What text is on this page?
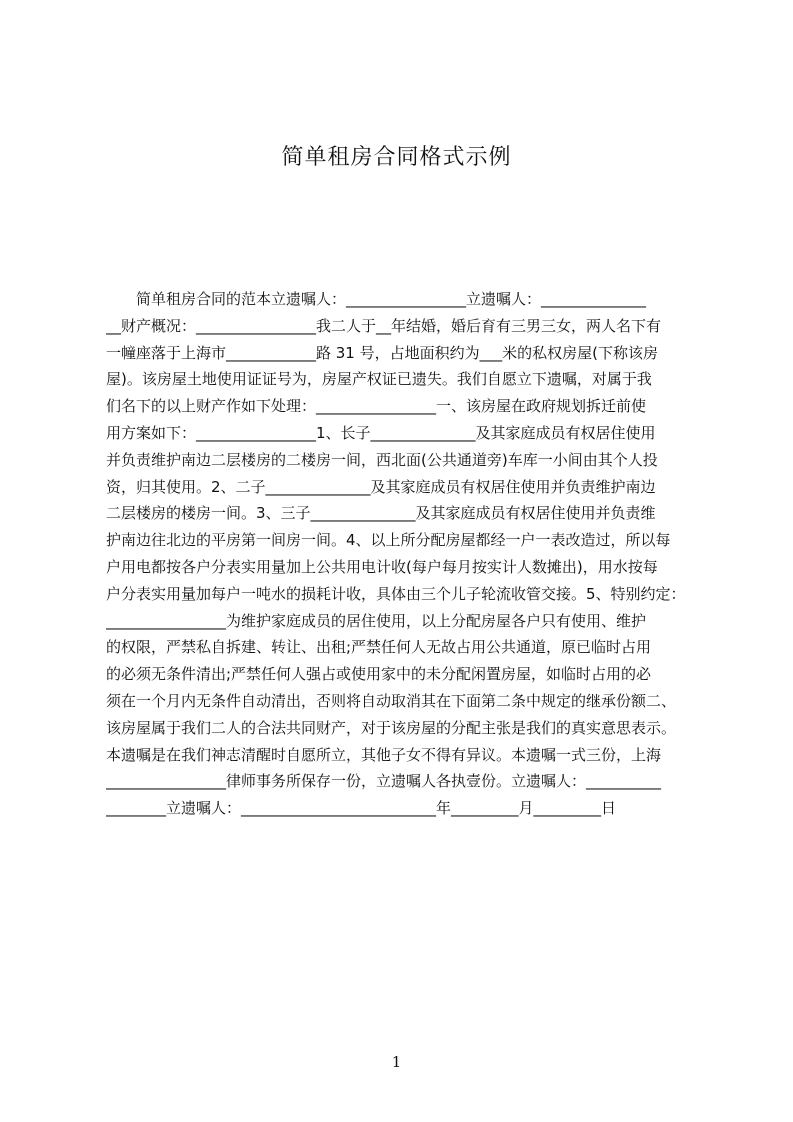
简单租房合同格式示例
　　简单租房合同的范本立遗嘱人：________________立遗嘱人：______________
__财产概况：________________我二人于__年结婚，婚后育有三男三女，两人名下有
一幢座落于上海市____________路 31 号，占地面积约为___米的私权房屋(下称该房
屋)。该房屋土地使用证证号为，房屋产权证已遗失。我们自愿立下遗嘱，对属于我
们名下的以上财产作如下处理：________________一、该房屋在政府规划拆迁前使
用方案如下：________________1、长子______________及其家庭成员有权居住使用
并负责维护南边二层楼房的二楼房一间，西北面(公共通道旁)车库一小间由其个人投
资，归其使用。2、二子______________及其家庭成员有权居住使用并负责维护南边
二层楼房的楼房一间。3、三子______________及其家庭成员有权居住使用并负责维
护南边往北边的平房第一间房一间。4、以上所分配房屋都经一户一表改造过，所以每
户用电都按各户分表实用量加上公共用电计收(每户每月按实计人数摊出)，用水按每
户分表实用量加每户一吨水的损耗计收，具体由三个儿子轮流收管交接。5、特别约定：
________________为维护家庭成员的居住使用，以上分配房屋各户只有使用、维护
的权限，严禁私自拆建、转让、出租;严禁任何人无故占用公共通道，原已临时占用
的必须无条件清出;严禁任何人强占或使用家中的未分配闲置房屋，如临时占用的必
须在一个月内无条件自动清出，否则将自动取消其在下面第二条中规定的继承份额二、
该房屋属于我们二人的合法共同财产，对于该房屋的分配主张是我们的真实意思表示。
本遗嘱是在我们神志清醒时自愿所立，其他子女不得有异议。本遗嘱一式三份，上海
________________律师事务所保存一份，立遗嘱人各执壹份。立遗嘱人：__________
________立遗嘱人：__________________________年_________月_________日
1
